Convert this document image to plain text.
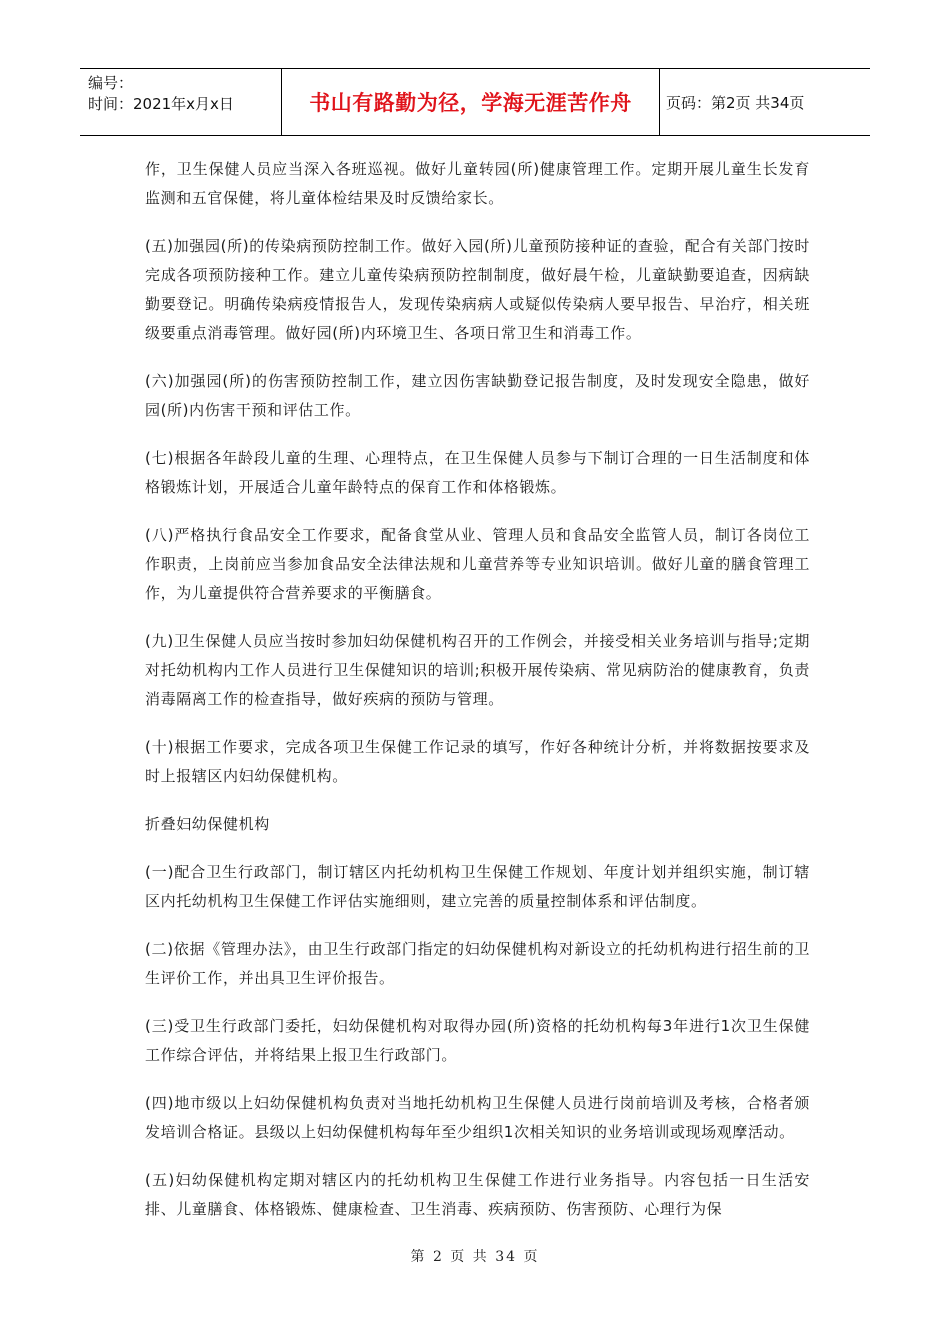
编号：
时间：2021年x月x日	书山有路勤为径，学海无涯苦作舟	页码：第2页 共34页

作，卫生保健人员应当深入各班巡视。做好儿童转园(所)健康管理工作。定期开展儿童生长发育监测和五官保健，将儿童体检结果及时反馈给家长。

(五)加强园(所)的传染病预防控制工作。做好入园(所)儿童预防接种证的查验，配合有关部门按时完成各项预防接种工作。建立儿童传染病预防控制制度，做好晨午检，儿童缺勤要追查，因病缺勤要登记。明确传染病疫情报告人，发现传染病病人或疑似传染病人要早报告、早治疗，相关班级要重点消毒管理。做好园(所)内环境卫生、各项日常卫生和消毒工作。

(六)加强园(所)的伤害预防控制工作，建立因伤害缺勤登记报告制度，及时发现安全隐患，做好园(所)内伤害干预和评估工作。

(七)根据各年龄段儿童的生理、心理特点，在卫生保健人员参与下制订合理的一日生活制度和体格锻炼计划，开展适合儿童年龄特点的保育工作和体格锻炼。

(八)严格执行食品安全工作要求，配备食堂从业、管理人员和食品安全监管人员，制订各岗位工作职责，上岗前应当参加食品安全法律法规和儿童营养等专业知识培训。做好儿童的膳食管理工作，为儿童提供符合营养要求的平衡膳食。

(九)卫生保健人员应当按时参加妇幼保健机构召开的工作例会，并接受相关业务培训与指导;定期对托幼机构内工作人员进行卫生保健知识的培训;积极开展传染病、常见病防治的健康教育，负责消毒隔离工作的检查指导，做好疾病的预防与管理。

(十)根据工作要求，完成各项卫生保健工作记录的填写，作好各种统计分析，并将数据按要求及时上报辖区内妇幼保健机构。

折叠妇幼保健机构

(一)配合卫生行政部门，制订辖区内托幼机构卫生保健工作规划、年度计划并组织实施，制订辖区内托幼机构卫生保健工作评估实施细则，建立完善的质量控制体系和评估制度。

(二)依据《管理办法》，由卫生行政部门指定的妇幼保健机构对新设立的托幼机构进行招生前的卫生评价工作，并出具卫生评价报告。

(三)受卫生行政部门委托，妇幼保健机构对取得办园(所)资格的托幼机构每3年进行1次卫生保健工作综合评估，并将结果上报卫生行政部门。

(四)地市级以上妇幼保健机构负责对当地托幼机构卫生保健人员进行岗前培训及考核，合格者颁发培训合格证。县级以上妇幼保健机构每年至少组织1次相关知识的业务培训或现场观摩活动。

(五)妇幼保健机构定期对辖区内的托幼机构卫生保健工作进行业务指导。内容包括一日生活安排、儿童膳食、体格锻炼、健康检查、卫生消毒、疾病预防、伤害预防、心理行为保

第 2 页 共 34 页
